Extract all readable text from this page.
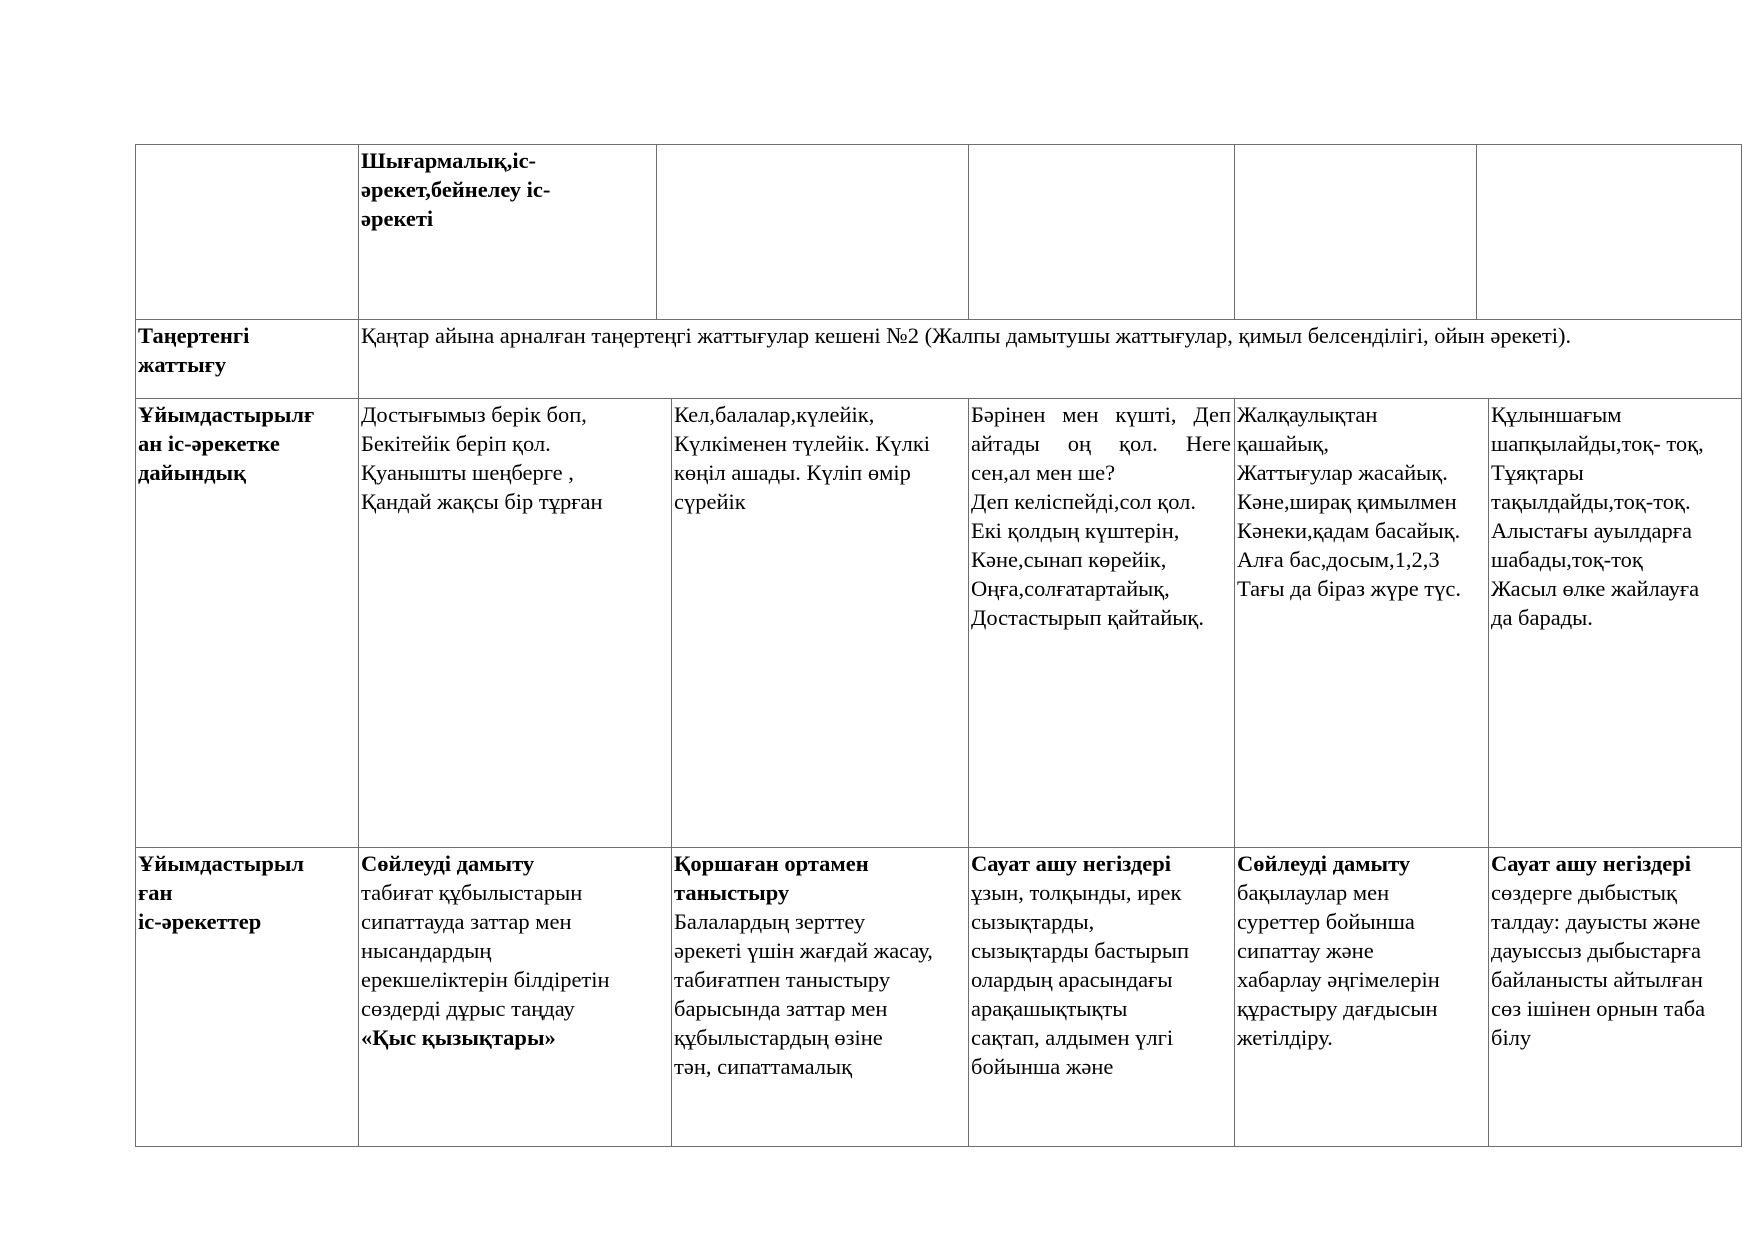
Шығармалық,іс-
әрекет,бейнелеу іс-
әрекеті
Таңертенгі
жаттығу
Қаңтар айына арналған таңертеңгі жаттығулар кешені №2 (Жалпы дамытушы жаттығулар, қимыл белсенділігі, ойын әрекеті).
Ұйымдастырылғ
ан іс-әрекетке
дайындық
Достығымыз берік боп,
Бекітейік беріп қол.
Қуанышты шеңберге ,
Қандай жақсы бір тұрған
Кел,балалар,күлейік,
Күлкіменен түлейік. Күлкі
көңіл ашады. Күліп өмір
сүрейік
Бәрінен мен күшті, Деп
айтады оң қол. Неге
сен,ал мен ше?
Деп келіспейді,сол қол.
Екі қолдың күштерін,
Кәне,сынап көрейік,
Оңға,солғатартайық,
Достастырып қайтайық.
Жалқаулықтан
қашайық,
Жаттығулар жасайық.
Кәне,ширақ қимылмен
Кәнеки,қадам басайық.
Алға бас,досым,1,2,3
Тағы да біраз жүре түс.
Құлыншағым
шапқылайды,тоқ- тоқ,
Тұяқтары
тақылдайды,тоқ-тоқ.
Алыстағы ауылдарға
шабады,тоқ-тоқ
Жасыл өлке жайлауға
да барады.
Ұйымдастырыл
ған
іс-әрекеттер
Сөйлеуді дамыту
табиғат құбылыстарын
сипаттауда заттар мен
нысандардың
ерекшеліктерін білдіретін
сөздерді дұрыс таңдау
«Қыс қызықтары»
Қоршаған ортамен
таныстыру
Балалардың зерттеу
әрекеті үшін жағдай жасау,
табиғатпен таныстыру
барысында заттар мен
құбылыстардың өзіне
тән, сипаттамалық
Сауат ашу негіздері
ұзын, толқынды, ирек
сызықтарды,
сызықтарды бастырып
олардың арасындағы
арақашықтықты
сақтап, алдымен үлгі
бойынша және
Сөйлеуді дамыту
бақылаулар мен
суреттер бойынша
сипаттау және
хабарлау әңгімелерін
құрастыру дағдысын
жетілдіру.
Сауат ашу негіздері
сөздерге дыбыстық
талдау: дауысты және
дауыссыз дыбыстарға
байланысты айтылған
сөз ішінен орнын таба
білу
